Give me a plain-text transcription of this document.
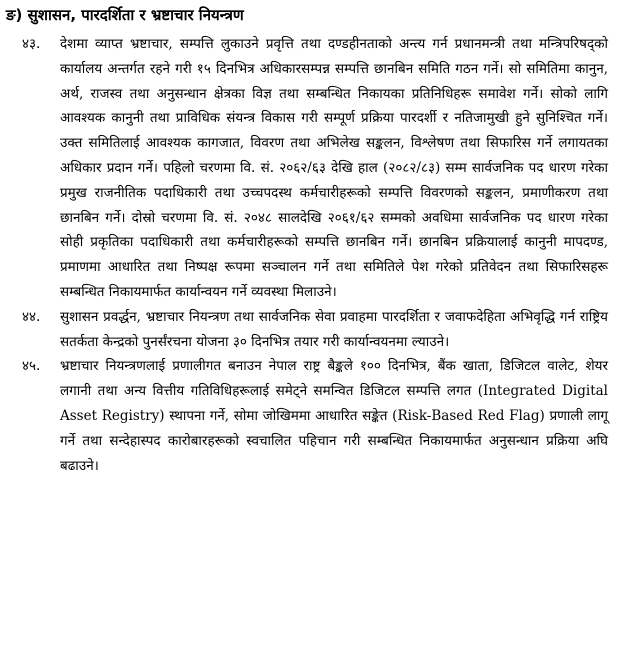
ङ) सुशासन, पारदर्शिता र भ्रष्टाचार नियन्त्रण
४३.	देशमा व्याप्त भ्रष्टाचार, सम्पत्ति लुकाउने प्रवृत्ति तथा दण्डहीनताको अन्त्य गर्न प्रधानमन्त्री तथा मन्त्रिपरिषद्को कार्यालय अन्तर्गत रहने गरी १५ दिनभित्र अधिकारसम्पन्न सम्पत्ति छानबिन समिति गठन गर्ने। सो समितिमा कानुन, अर्थ, राजस्व तथा अनुसन्धान क्षेत्रका विज्ञ तथा सम्बन्धित निकायका प्रतिनिधिहरू समावेश गर्ने। सोको लागि आवश्यक कानुनी तथा प्राविधिक संयन्त्र विकास गरी सम्पूर्ण प्रक्रिया पारदर्शी र नतिजामुखी हुने सुनिश्चित गर्ने। उक्त समितिलाई आवश्यक कागजात, विवरण तथा अभिलेख सङ्कलन, विश्लेषण तथा सिफारिस गर्ने लगायतका अधिकार प्रदान गर्ने। पहिलो चरणमा वि. सं. २०६२/६३ देखि हाल (२०८२/८३) सम्म सार्वजनिक पद धारण गरेका प्रमुख राजनीतिक पदाधिकारी तथा उच्चपदस्थ कर्मचारीहरूको सम्पत्ति विवरणको सङ्कलन, प्रमाणीकरण तथा छानबिन गर्ने। दोस्रो चरणमा वि. सं. २०४८ सालदेखि २०६१/६२ सम्मको अवधिमा सार्वजनिक पद धारण गरेका सोही प्रकृतिका पदाधिकारी तथा कर्मचारीहरूको सम्पत्ति छानबिन गर्ने। छानबिन प्रक्रियालाई कानुनी मापदण्ड, प्रमाणमा आधारित तथा निष्पक्ष रूपमा सञ्चालन गर्ने तथा समितिले पेश गरेको प्रतिवेदन तथा सिफारिसहरू सम्बन्धित निकायमार्फत कार्यान्वयन गर्ने व्यवस्था मिलाउने।

४४.	सुशासन प्रवर्द्धन, भ्रष्टाचार नियन्त्रण तथा सार्वजनिक सेवा प्रवाहमा पारदर्शिता र जवाफदेहिता अभिवृद्धि गर्न राष्ट्रिय सतर्कता केन्द्रको पुनर्संरचना योजना ३० दिनभित्र तयार गरी कार्यान्वयनमा ल्याउने।

४५.	भ्रष्टाचार नियन्त्रणलाई प्रणालीगत बनाउन नेपाल राष्ट्र बैङ्कले १०० दिनभित्र, बैंक खाता, डिजिटल वालेट, शेयर लगानी तथा अन्य वित्तीय गतिविधिहरूलाई समेट्ने समन्वित डिजिटल सम्पत्ति लगत (Integrated Digital Asset Registry) स्थापना गर्ने, सोमा जोखिममा आधारित सङ्केत (Risk-Based Red Flag) प्रणाली लागू गर्ने तथा सन्देहास्पद कारोबारहरूको स्वचालित पहिचान गरी सम्बन्धित निकायमार्फत अनुसन्धान प्रक्रिया अघि बढाउने।
